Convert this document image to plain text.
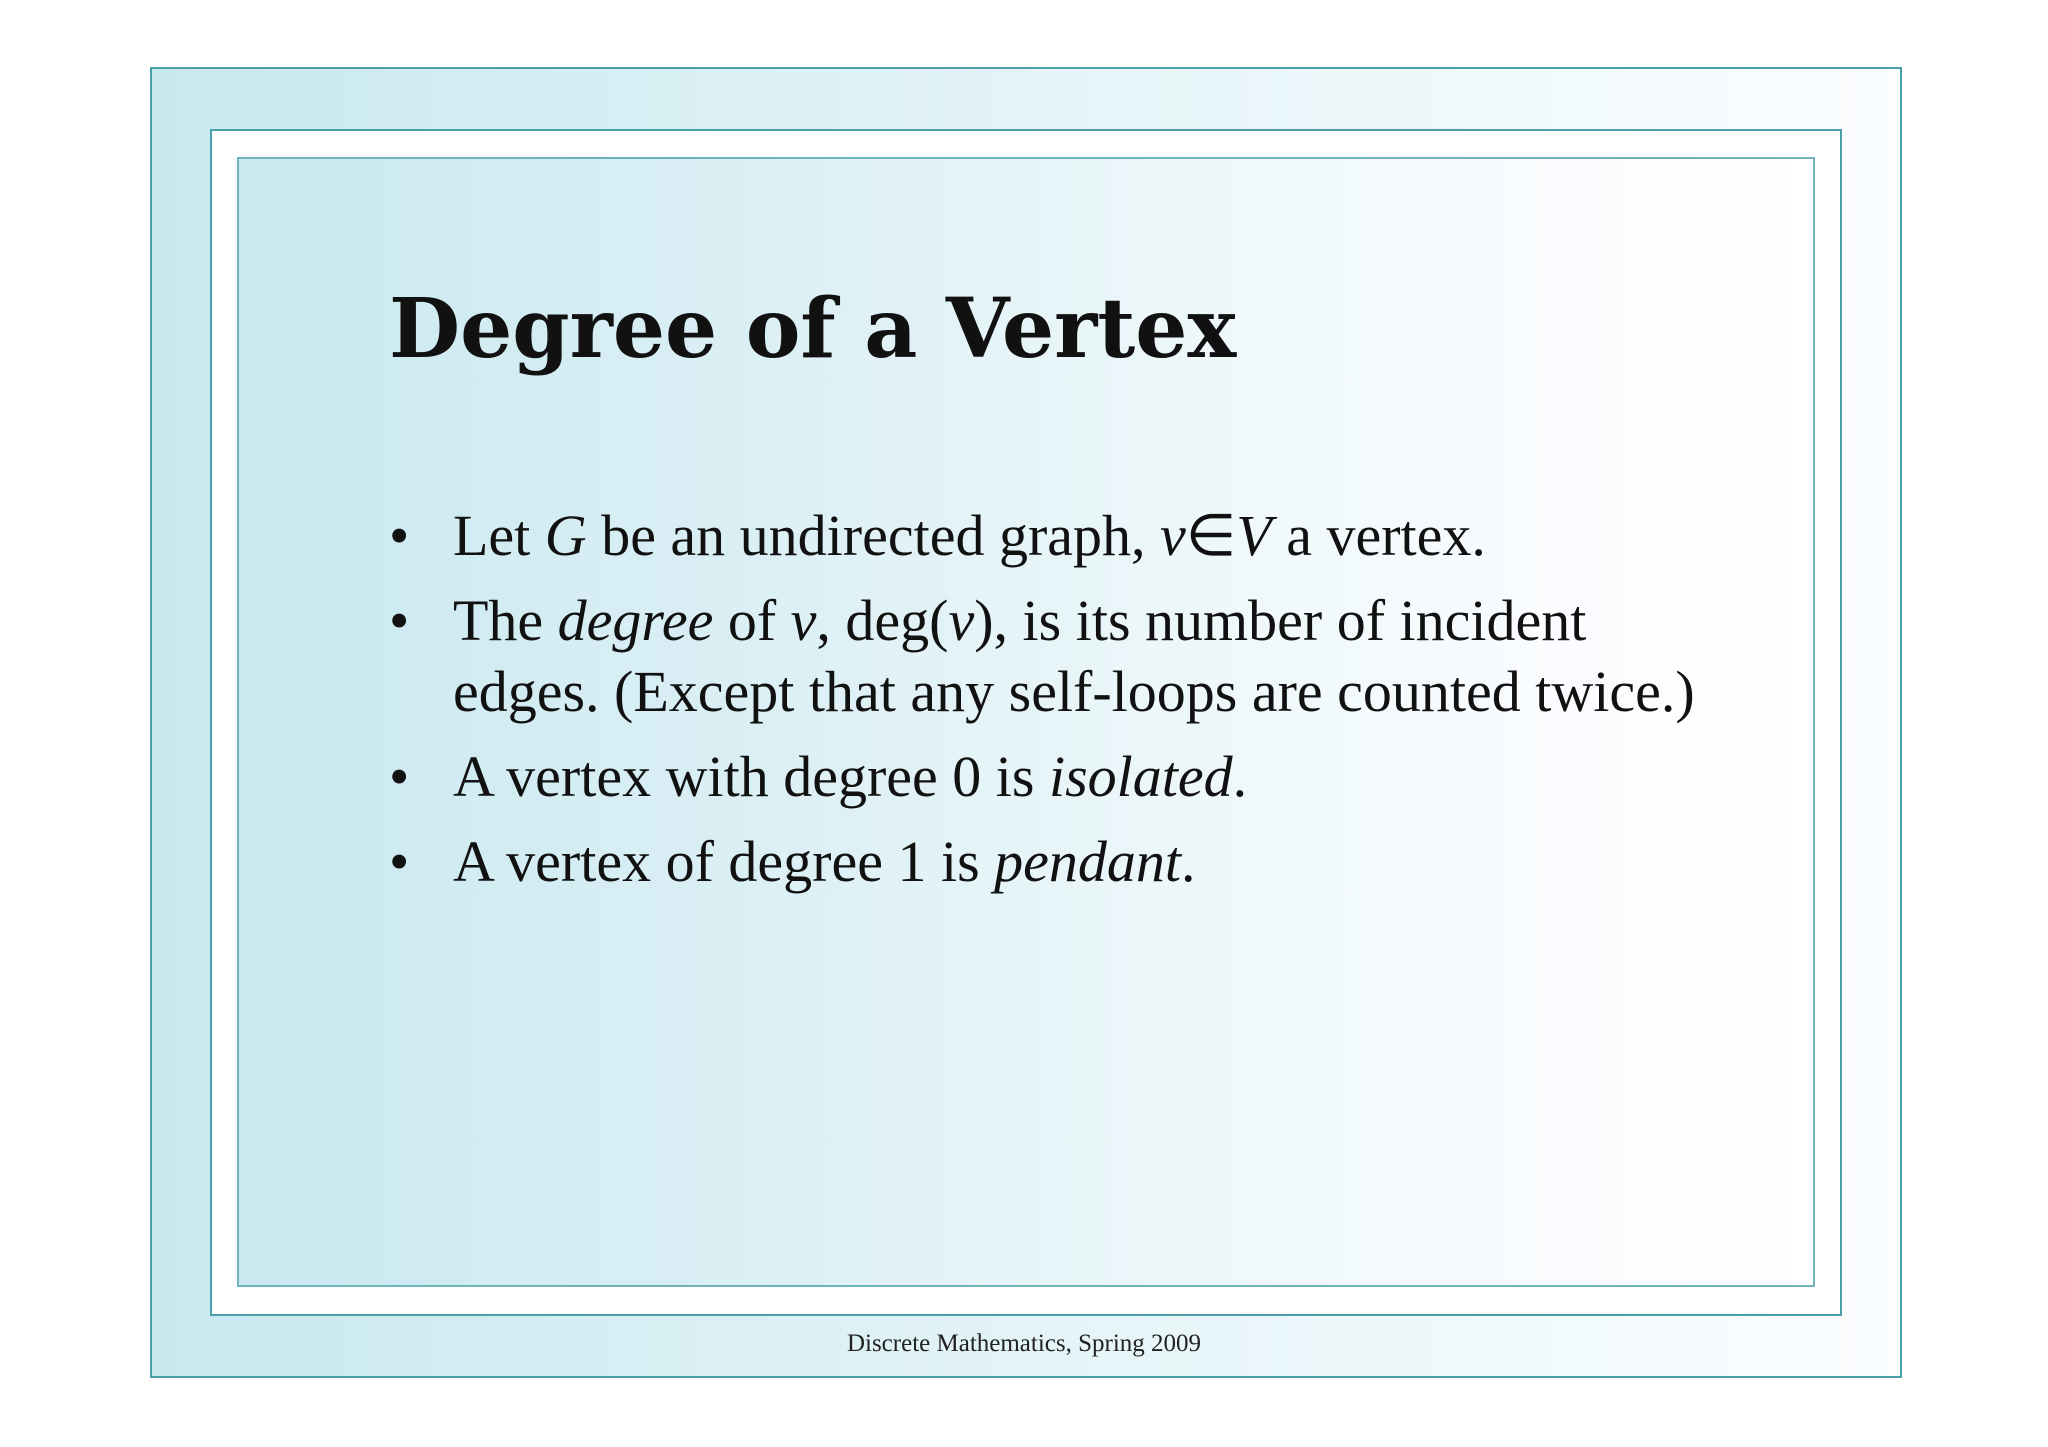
Degree of a Vertex
• Let G be an undirected graph, v∈V a vertex.
• The degree of v, deg(v), is its number of incident edges. (Except that any self-loops are counted twice.)
• A vertex with degree 0 is isolated.
• A vertex of degree 1 is pendant.
Discrete Mathematics, Spring 2009
